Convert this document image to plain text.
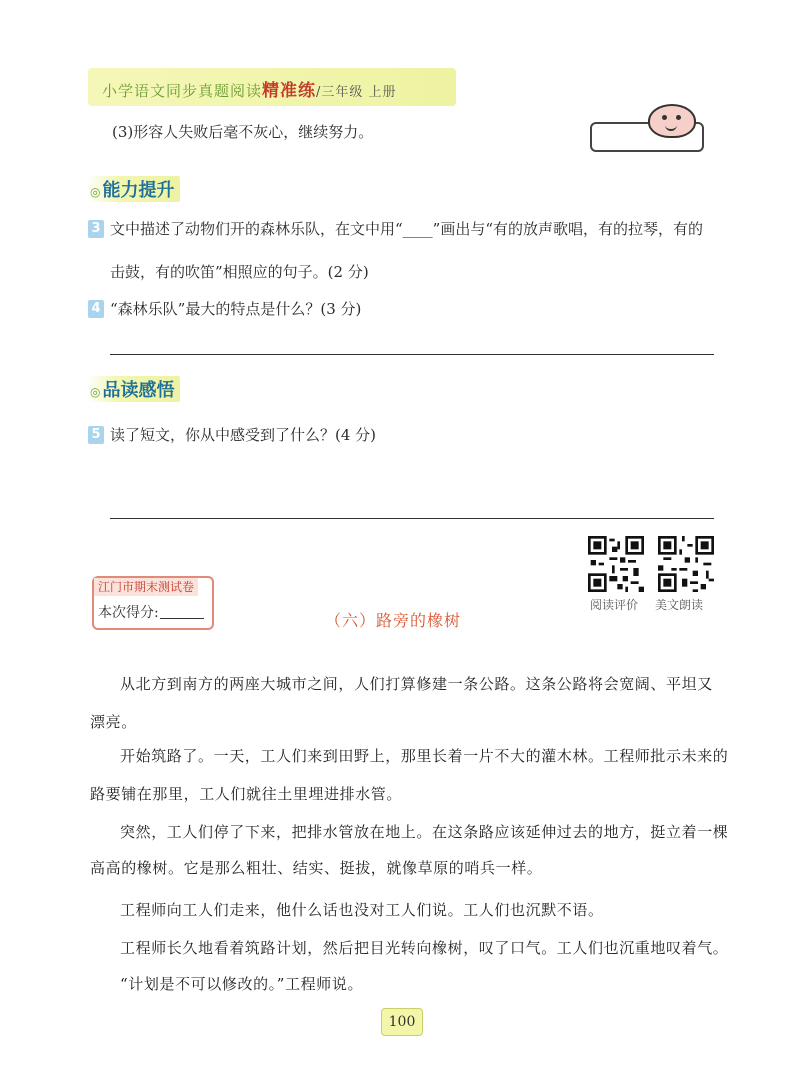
小学语文同步真题阅读精准练/三年级 上册
(3)形容人失败后毫不灰心，继续努力。
◎ 能力提升
3 文中描述了动物们开的森林乐队，在文中用“____”画出与“有的放声歌唱，有的拉琴，有的
击鼓，有的吹笛”相照应的句子。(2 分)
4 “森林乐队”最大的特点是什么？(3 分)
◎ 品读感悟
5 读了短文，你从中感受到了什么？(4 分)
阅读评价 美文朗读
江门市期末测试卷
本次得分:	（六）路旁的橡树
从北方到南方的两座大城市之间，人们打算修建一条公路。这条公路将会宽阔、平坦又
漂亮。
开始筑路了。一天，工人们来到田野上，那里长着一片不大的灌木林。工程师批示未来的
路要铺在那里，工人们就往土里埋进排水管。
突然，工人们停了下来，把排水管放在地上。在这条路应该延伸过去的地方，挺立着一棵
高高的橡树。它是那么粗壮、结实、挺拔，就像草原的哨兵一样。
工程师向工人们走来，他什么话也没对工人们说。工人们也沉默不语。
工程师长久地看着筑路计划，然后把目光转向橡树，叹了口气。工人们也沉重地叹着气。
“计划是不可以修改的。”工程师说。
100
